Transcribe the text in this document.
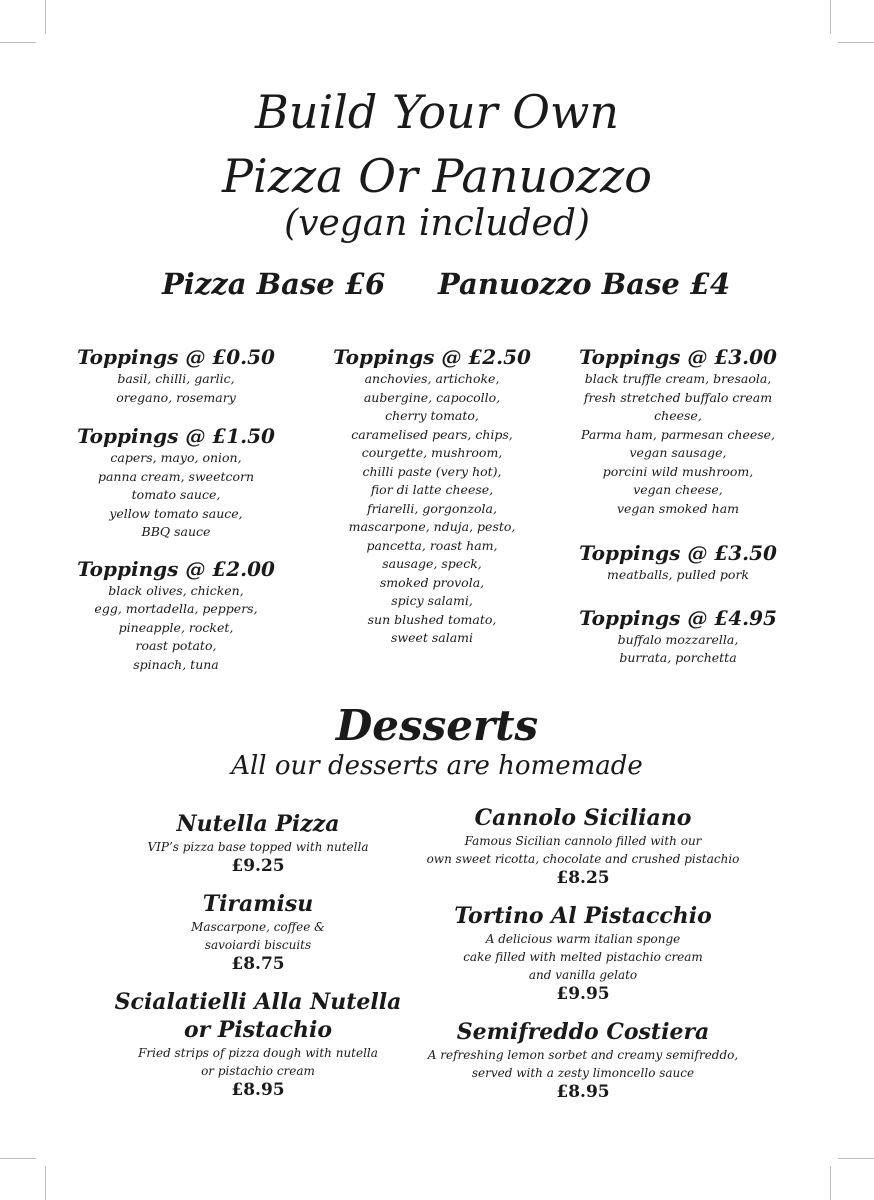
Build Your Own
Pizza Or Panuozzo
(vegan included)
Pizza Base £6 Panuozzo Base £4
Toppings @ £0.50
basil, chilli, garlic,
oregano, rosemary
Toppings @ £1.50
capers, mayo, onion,
panna cream, sweetcorn
tomato sauce,
yellow tomato sauce,
BBQ sauce
Toppings @ £2.00
black olives, chicken,
egg, mortadella, peppers,
pineapple, rocket,
roast potato,
spinach, tuna
Toppings @ £2.50
anchovies, artichoke,
aubergine, capocollo,
cherry tomato,
caramelised pears, chips,
courgette, mushroom,
chilli paste (very hot),
fior di latte cheese,
friarelli, gorgonzola,
mascarpone, nduja, pesto,
pancetta, roast ham,
sausage, speck,
smoked provola,
spicy salami,
sun blushed tomato,
sweet salami
Toppings @ £3.00
black truffle cream, bresaola,
fresh stretched buffalo cream cheese,
Parma ham, parmesan cheese,
vegan sausage,
porcini wild mushroom,
vegan cheese,
vegan smoked ham
Toppings @ £3.50
meatballs, pulled pork
Toppings @ £4.95
buffalo mozzarella,
burrata, porchetta
Desserts
All our desserts are homemade
Nutella Pizza
VIP’s pizza base topped with nutella
£9.25
Tiramisu
Mascarpone, coffee &
savoiardi biscuits
£8.75
Scialatielli Alla Nutella
or Pistachio
Fried strips of pizza dough with nutella
or pistachio cream
£8.95
Cannolo Siciliano
Famous Sicilian cannolo filled with our
own sweet ricotta, chocolate and crushed pistachio
£8.25
Tortino Al Pistacchio
A delicious warm italian sponge
cake filled with melted pistachio cream
and vanilla gelato
£9.95
Semifreddo Costiera
A refreshing lemon sorbet and creamy semifreddo,
served with a zesty limoncello sauce
£8.95
